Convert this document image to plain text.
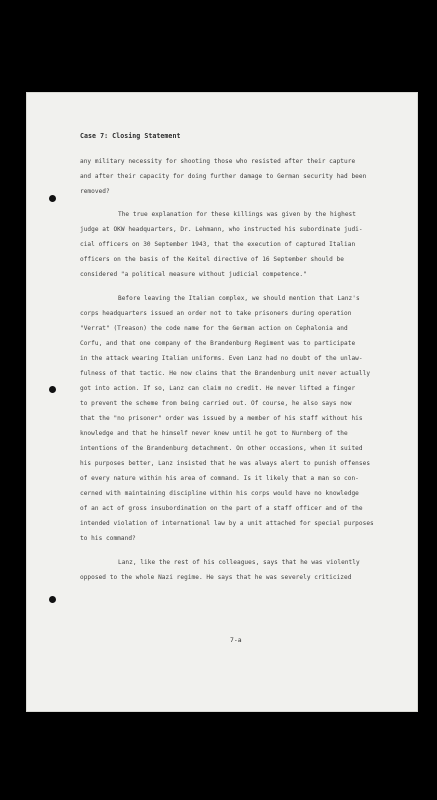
Case 7: Closing Statement
any military necessity for shooting those who resisted after their capture
and after their capacity for doing further damage to German security had been
removed?
The true explanation for these killings was given by the highest
judge at OKW headquarters, Dr. Lehmann, who instructed his subordinate judi-
cial officers on 30 September 1943, that the execution of captured Italian
officers on the basis of the Keitel directive of 16 September should be
considered "a political measure without judicial competence."
Before leaving the Italian complex, we should mention that Lanz's
corps headquarters issued an order not to take prisoners during operation
"Verrat" (Treason) the code name for the German action on Cephalonia and
Corfu, and that one company of the Brandenburg Regiment was to participate
in the attack wearing Italian uniforms. Even Lanz had no doubt of the unlaw-
fulness of that tactic. He now claims that the Brandenburg unit never actually
got into action. If so, Lanz can claim no credit. He never lifted a finger
to prevent the scheme from being carried out. Of course, he also says now
that the "no prisoner" order was issued by a member of his staff without his
knowledge and that he himself never knew until he got to Nurnberg of the
intentions of the Brandenburg detachment. On other occasions, when it suited
his purposes better, Lanz insisted that he was always alert to punish offenses
of every nature within his area of command. Is it likely that a man so con-
cerned with maintaining discipline within his corps would have no knowledge
of an act of gross insubordination on the part of a staff officer and of the
intended violation of international law by a unit attached for special purposes
to his command?
Lanz, like the rest of his colleagues, says that he was violently
opposed to the whole Nazi regime. He says that he was severely criticized
7-a
